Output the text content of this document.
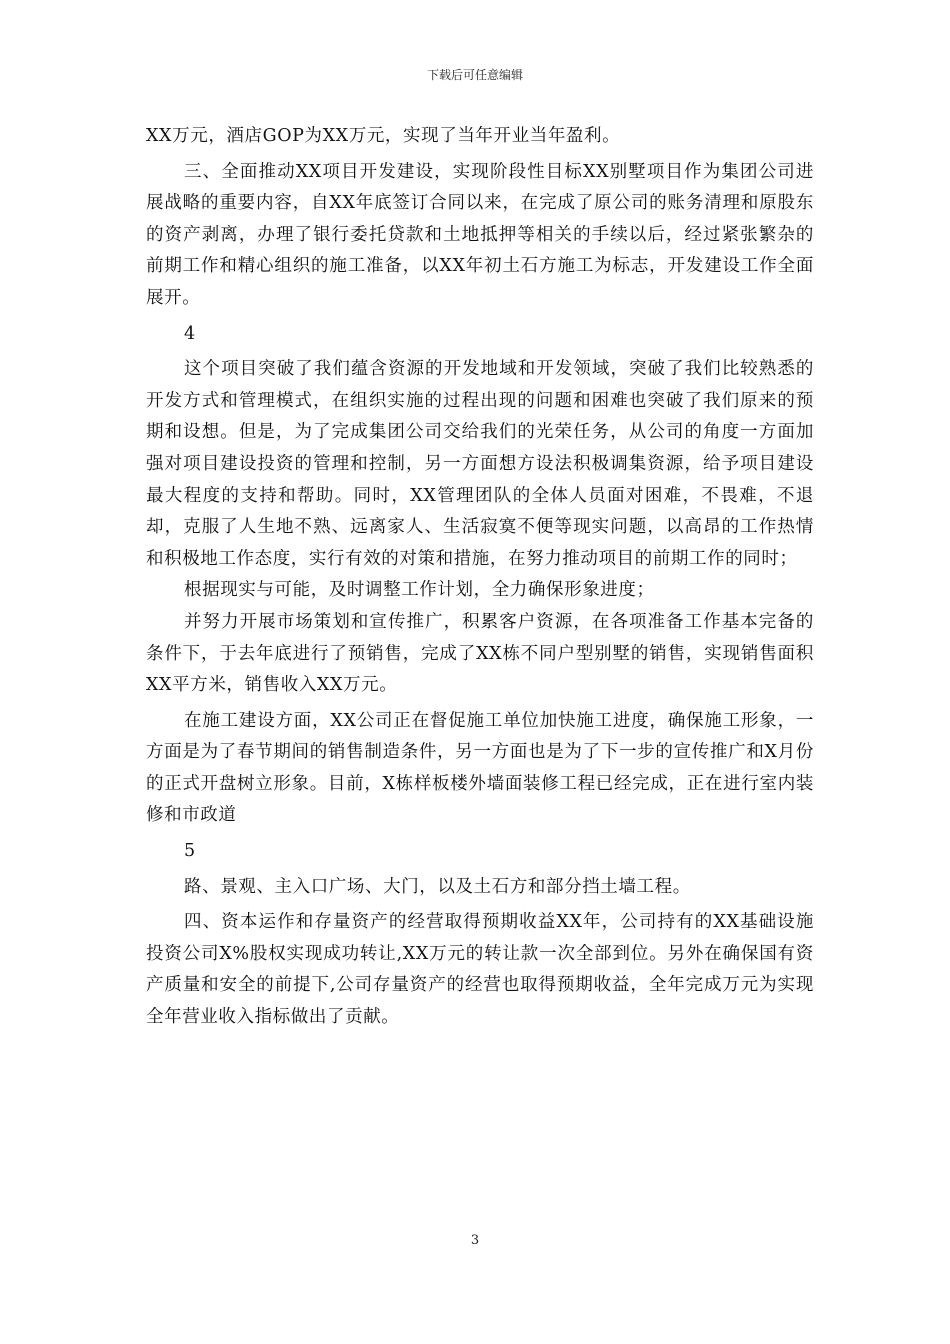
下载后可任意编辑

XX万元，酒店GOP为XX万元，实现了当年开业当年盈利。

三、全面推动XX项目开发建设，实现阶段性目标XX别墅项目作为集团公司进展战略的重要内容，自XX年底签订合同以来，在完成了原公司的账务清理和原股东的资产剥离，办理了银行委托贷款和土地抵押等相关的手续以后，经过紧张繁杂的前期工作和精心组织的施工准备，以XX年初土石方施工为标志，开发建设工作全面展开。

4

这个项目突破了我们蕴含资源的开发地域和开发领域，突破了我们比较熟悉的开发方式和管理模式，在组织实施的过程出现的问题和困难也突破了我们原来的预期和设想。但是，为了完成集团公司交给我们的光荣任务，从公司的角度一方面加强对项目建设投资的管理和控制，另一方面想方设法积极调集资源，给予项目建设最大程度的支持和帮助。同时，XX管理团队的全体人员面对困难，不畏难，不退却，克服了人生地不熟、远离家人、生活寂寞不便等现实问题，以高昂的工作热情和积极地工作态度，实行有效的对策和措施，在努力推动项目的前期工作的同时；

根据现实与可能，及时调整工作计划，全力确保形象进度；

并努力开展市场策划和宣传推广，积累客户资源，在各项准备工作基本完备的条件下，于去年底进行了预销售，完成了XX栋不同户型别墅的销售，实现销售面积XX平方米，销售收入XX万元。

在施工建设方面，XX公司正在督促施工单位加快施工进度，确保施工形象，一方面是为了春节期间的销售制造条件，另一方面也是为了下一步的宣传推广和X月份的正式开盘树立形象。目前，X栋样板楼外墙面装修工程已经完成，正在进行室内装修和市政道

5

路、景观、主入口广场、大门，以及土石方和部分挡土墙工程。

四、资本运作和存量资产的经营取得预期收益XX年，公司持有的XX基础设施投资公司X%股权实现成功转让,XX万元的转让款一次全部到位。另外在确保国有资产质量和安全的前提下,公司存量资产的经营也取得预期收益，全年完成万元为实现全年营业收入指标做出了贡献。

3
